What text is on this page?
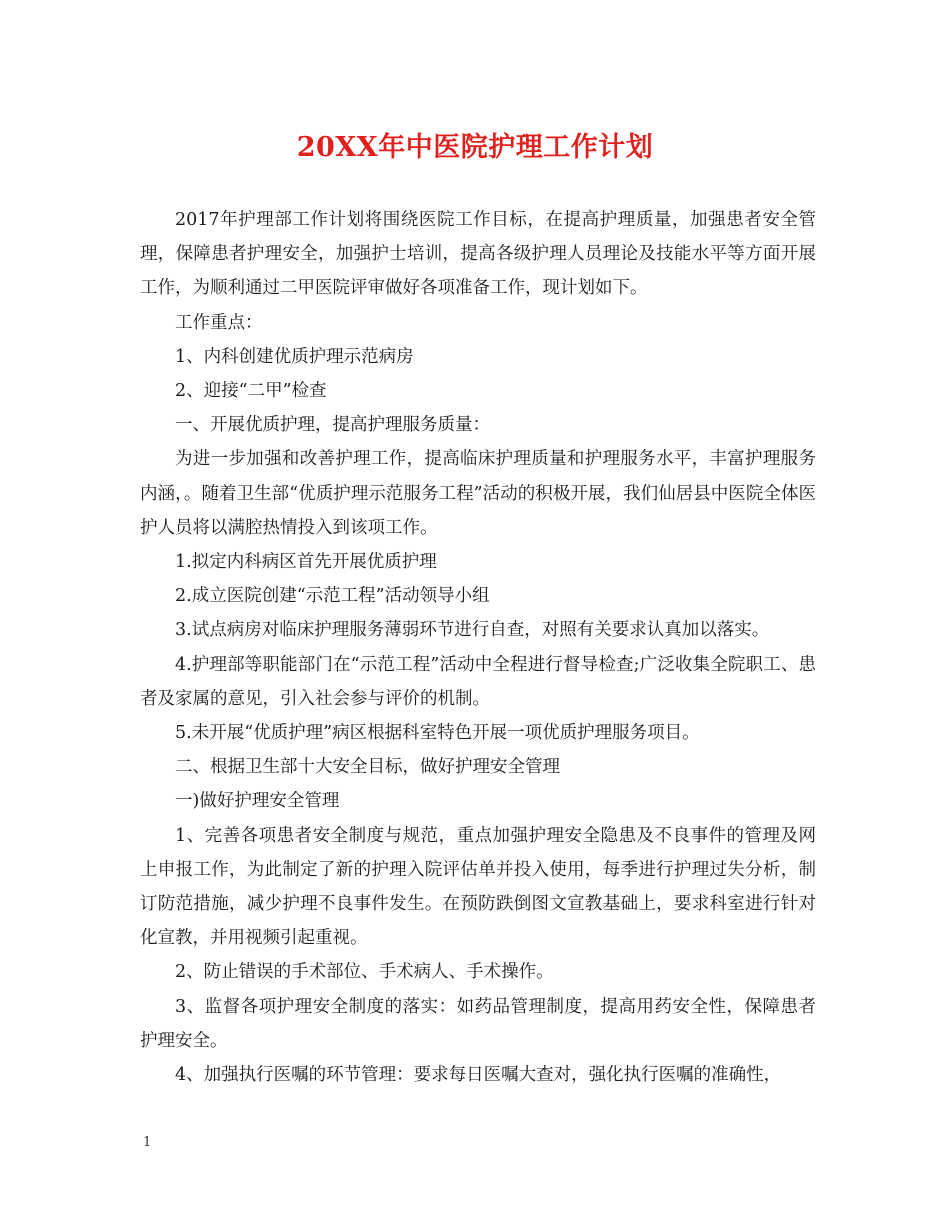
20XX年中医院护理工作计划

2017年护理部工作计划将围绕医院工作目标，在提高护理质量，加强患者安全管理，保障患者护理安全，加强护士培训，提高各级护理人员理论及技能水平等方面开展工作，为顺利通过二甲医院评审做好各项准备工作，现计划如下。

工作重点：

1、内科创建优质护理示范病房

2、迎接“二甲”检查

一、开展优质护理，提高护理服务质量：

为进一步加强和改善护理工作，提高临床护理质量和护理服务水平，丰富护理服务内涵，。随着卫生部“优质护理示范服务工程”活动的积极开展，我们仙居县中医院全体医护人员将以满腔热情投入到该项工作。

1.拟定内科病区首先开展优质护理

2.成立医院创建“示范工程”活动领导小组

3.试点病房对临床护理服务薄弱环节进行自查，对照有关要求认真加以落实。

4.护理部等职能部门在“示范工程”活动中全程进行督导检查;广泛收集全院职工、患者及家属的意见，引入社会参与评价的机制。

5.未开展“优质护理”病区根据科室特色开展一项优质护理服务项目。

二、根据卫生部十大安全目标，做好护理安全管理

一)做好护理安全管理

1、完善各项患者安全制度与规范，重点加强护理安全隐患及不良事件的管理及网上申报工作，为此制定了新的护理入院评估单并投入使用，每季进行护理过失分析，制订防范措施，减少护理不良事件发生。在预防跌倒图文宣教基础上，要求科室进行针对化宣教，并用视频引起重视。

2、防止错误的手术部位、手术病人、手术操作。

3、监督各项护理安全制度的落实：如药品管理制度，提高用药安全性，保障患者护理安全。

4、加强执行医嘱的环节管理：要求每日医嘱大查对，强化执行医嘱的准确性，

1
